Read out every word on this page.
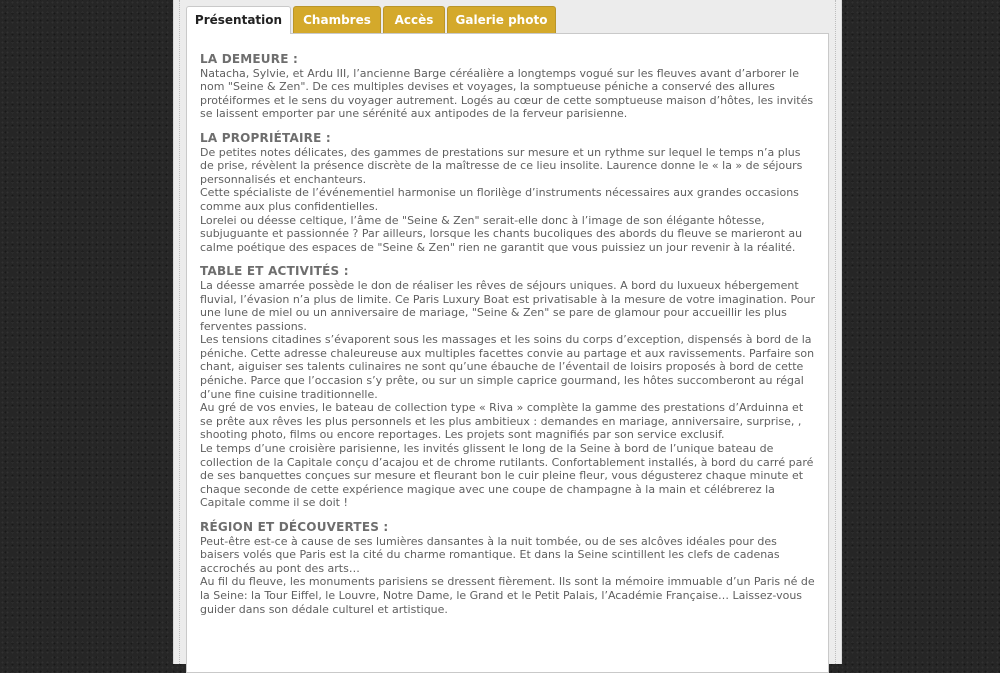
Présentation	Chambres	Accès	Galerie photo

LA DEMEURE :

Natacha, Sylvie, et Ardu III, l’ancienne Barge céréalière a longtemps vogué sur les fleuves avant d’arborer le nom "Seine & Zen". De ces multiples devises et voyages, la somptueuse péniche a conservé des allures protéiformes et le sens du voyager autrement. Logés au cœur de cette somptueuse maison d’hôtes, les invités se laissent emporter par une sérénité aux antipodes de la ferveur parisienne.

LA PROPRIÉTAIRE :

De petites notes délicates, des gammes de prestations sur mesure et un rythme sur lequel le temps n’a plus de prise, révèlent la présence discrète de la maîtresse de ce lieu insolite. Laurence donne le « la » de séjours personnalisés et enchanteurs.

Cette spécialiste de l’événementiel harmonise un florilège d’instruments nécessaires aux grandes occasions comme aux plus confidentielles.

Lorelei ou déesse celtique, l’âme de "Seine & Zen" serait-elle donc à l’image de son élégante hôtesse, subjuguante et passionnée ? Par ailleurs, lorsque les chants bucoliques des abords du fleuve se marieront au calme poétique des espaces de "Seine & Zen" rien ne garantit que vous puissiez un jour revenir à la réalité.

TABLE ET ACTIVITÉS :

La déesse amarrée possède le don de réaliser les rêves de séjours uniques. A bord du luxueux hébergement fluvial, l’évasion n’a plus de limite. Ce Paris Luxury Boat est privatisable à la mesure de votre imagination. Pour une lune de miel ou un anniversaire de mariage, "Seine & Zen" se pare de glamour pour accueillir les plus ferventes passions.

Les tensions citadines s’évaporent sous les massages et les soins du corps d’exception, dispensés à bord de la péniche. Cette adresse chaleureuse aux multiples facettes convie au partage et aux ravissements. Parfaire son chant, aiguiser ses talents culinaires ne sont qu’une ébauche de l’éventail de loisirs proposés à bord de cette péniche. Parce que l’occasion s’y prête, ou sur un simple caprice gourmand, les hôtes succomberont au régal d’une fine cuisine traditionnelle.

Au gré de vos envies, le bateau de collection type « Riva » complète la gamme des prestations d’Arduinna et se prête aux rêves les plus personnels et les plus ambitieux : demandes en mariage, anniversaire, surprise, , shooting photo, films ou encore reportages. Les projets sont magnifiés par son service exclusif.

Le temps d’une croisière parisienne, les invités glissent le long de la Seine à bord de l’unique bateau de collection de la Capitale conçu d’acajou et de chrome rutilants. Confortablement installés, à bord du carré paré de ses banquettes conçues sur mesure et fleurant bon le cuir pleine fleur, vous dégusterez chaque minute et chaque seconde de cette expérience magique avec une coupe de champagne à la main et célébrerez la Capitale comme il se doit !

RÉGION ET DÉCOUVERTES :

Peut-être est-ce à cause de ses lumières dansantes à la nuit tombée, ou de ses alcôves idéales pour des baisers volés que Paris est la cité du charme romantique. Et dans la Seine scintillent les clefs de cadenas accrochés au pont des arts…

Au fil du fleuve, les monuments parisiens se dressent fièrement. Ils sont la mémoire immuable d’un Paris né de la Seine: la Tour Eiffel, le Louvre, Notre Dame, le Grand et le Petit Palais, l’Académie Française… Laissez-vous guider dans son dédale culturel et artistique.
